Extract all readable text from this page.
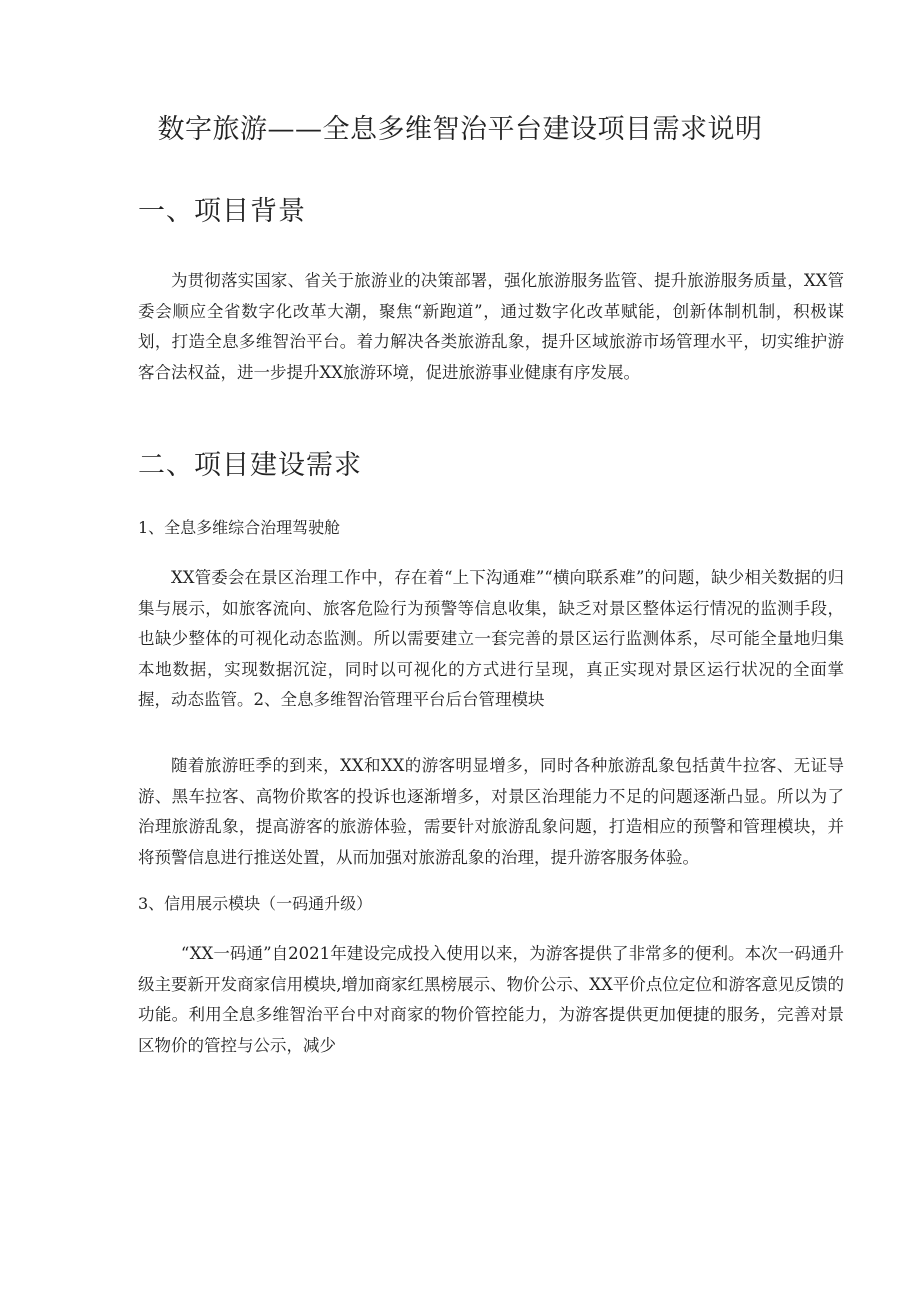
数字旅游——全息多维智治平台建设项目需求说明
一、项目背景

为贯彻落实国家、省关于旅游业的决策部署，强化旅游服务监管、提升旅游服务质量，XX管委会顺应全省数字化改革大潮，聚焦“新跑道”，通过数字化改革赋能，创新体制机制，积极谋划，打造全息多维智治平台。着力解决各类旅游乱象，提升区域旅游市场管理水平，切实维护游客合法权益，进一步提升XX旅游环境，促进旅游事业健康有序发展。

二、项目建设需求
1、全息多维综合治理驾驶舱

XX管委会在景区治理工作中，存在着“上下沟通难”“横向联系难”的问题，缺少相关数据的归集与展示，如旅客流向、旅客危险行为预警等信息收集，缺乏对景区整体运行情况的监测手段，也缺少整体的可视化动态监测。所以需要建立一套完善的景区运行监测体系，尽可能全量地归集本地数据，实现数据沉淀，同时以可视化的方式进行呈现，真正实现对景区运行状况的全面掌握，动态监管。2、全息多维智治管理平台后台管理模块

随着旅游旺季的到来，XX和XX的游客明显增多，同时各种旅游乱象包括黄牛拉客、无证导游、黑车拉客、高物价欺客的投诉也逐渐增多，对景区治理能力不足的问题逐渐凸显。所以为了治理旅游乱象，提高游客的旅游体验，需要针对旅游乱象问题，打造相应的预警和管理模块，并将预警信息进行推送处置，从而加强对旅游乱象的治理，提升游客服务体验。

3、信用展示模块（一码通升级）

“XX一码通”自2021年建设完成投入使用以来，为游客提供了非常多的便利。本次一码通升级主要新开发商家信用模块,增加商家红黑榜展示、物价公示、XX平价点位定位和游客意见反馈的功能。利用全息多维智治平台中对商家的物价管控能力，为游客提供更加便捷的服务，完善对景区物价的管控与公示，减少
